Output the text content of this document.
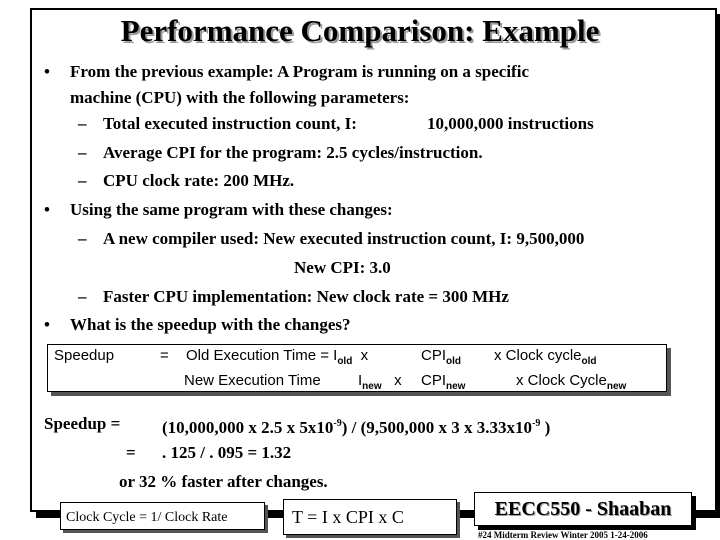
Performance Comparison: Example
• From the previous example: A Program is running on a specific
machine (CPU) with the following parameters:
– Total executed instruction count, I:	10,000,000 instructions
– Average CPI for the program: 2.5 cycles/instruction.
– CPU clock rate: 200 MHz.
• Using the same program with these changes:
– A new compiler used: New executed instruction count, I: 9,500,000
New CPI: 3.0
– Faster CPU implementation: New clock rate = 300 MHz
• What is the speedup with the changes?
Speedup	= Old Execution Time = $I_{old}$ x	$CPI_{old}$ x Clock cycle$_{old}$
New Execution Time $I_{new}$ x $CPI_{new}$	x Clock Cycle$_{new}$
Speedup = (10,000,000 x 2.5 x $5x10^{-9}) / (9,500,000$ x 3 x $3.33x10^{-9}$ )
= . 125 / . 095 = 1.32
or 32 % faster after changes.
Clock Cycle = 1/ Clock Rate	T = I x CPI x C	EECC550 - Shaaban
#24 Midterm Review Winter 2005 1-24-2006
